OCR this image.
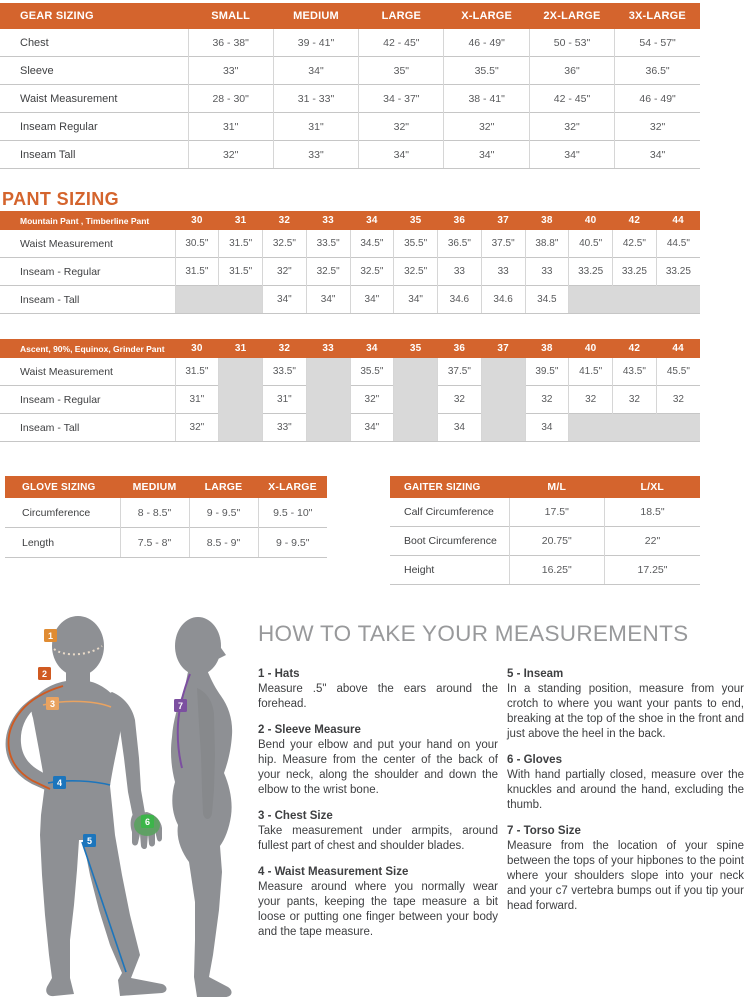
GEAR SIZING	SMALL	MEDIUM	LARGE	X-LARGE	2X-LARGE	3X-LARGE
Chest	36 - 38"	39 - 41"	42 - 45"	46 - 49"	50 - 53"	54 - 57"
Sleeve	33"	34"	35"	35.5"	36"	36.5"
Waist Measurement	28 - 30"	31 - 33"	34 - 37"	38 - 41"	42 - 45"	46 - 49"
Inseam Regular	31"	31"	32"	32"	32"	32"
Inseam Tall	32"	33"	34"	34"	34"	34"
PANT SIZING
Mountain Pant , Timberline Pant	30	31	32	33	34	35	36	37	38	40	42	44
Waist Measurement	30.5"	31.5"	32.5"	33.5"	34.5"	35.5"	36.5"	37.5"	38.8"	40.5"	42.5"	44.5"
Inseam - Regular	31.5"	31.5"	32"	32.5"	32.5"	32.5"	33	33	33	33.25	33.25	33.25
Inseam - Tall			34"	34"	34"	34"	34.6	34.6	34.5			
Ascent, 90%, Equinox, Grinder Pant	30	31	32	33	34	35	36	37	38	40	42	44
Waist Measurement	31.5"		33.5"		35.5"		37.5"		39.5"	41.5"	43.5"	45.5"
Inseam - Regular	31"		31"		32"		32		32	32	32	32
Inseam - Tall	32"		33"		34"		34		34			
GLOVE SIZING	MEDIUM	LARGE	X-LARGE
Circumference	8 - 8.5"	9 - 9.5"	9.5 - 10"
Length	7.5 - 8"	8.5 - 9"	9 - 9.5"
GAITER SIZING	M/L	L/XL
Calf Circumference	17.5"	18.5"
Boot Circumference	20.75"	22"
Height	16.25"	17.25"
1
2
3
4
5
6
7
HOW TO TAKE YOUR MEASUREMENTS
1 - Hats

Measure .5" above the ears around the forehead.

2 - Sleeve Measure

Bend your elbow and put your hand on your hip. Measure from the center of the back of your neck, along the shoulder and down the elbow to the wrist bone.

3 - Chest Size

Take measurement under armpits, around fullest part of chest and shoulder blades.

4 - Waist Measurement Size

Measure around where you normally wear your pants, keeping the tape measure a bit loose or putting one finger between your body and the tape measure.

5 - Inseam

In a standing position, measure from your crotch to where you want your pants to end, breaking at the top of the shoe in the front and just above the heel in the back.

6 - Gloves

With hand partially closed, measure over the knuckles and around the hand, excluding the thumb.

7 - Torso Size

Measure from the location of your spine between the tops of your hipbones to the point where your shoulders slope into your neck and your c7 vertebra bumps out if you tip your head forward.
